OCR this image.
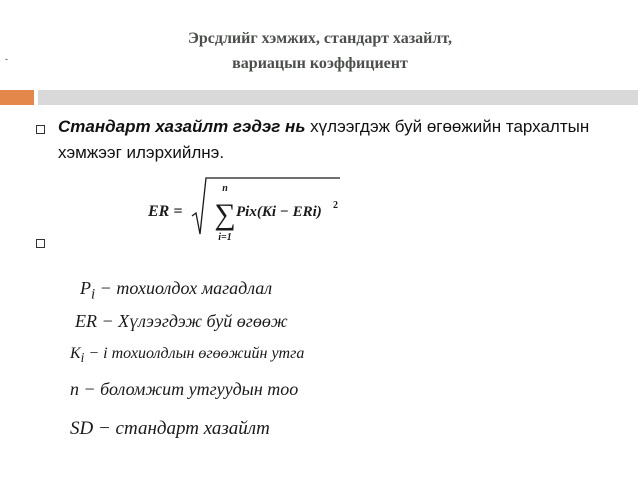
Эрсдлийг хэмжих, стандарт хазайлт,
вариацын коэффициент
-
Стандарт хазайлт гэдэг нь хүлээгдэж буй өгөөжийн тархалтын хэмжээг илэрхийлнэ.
ER =
n
∑
i=1
Pix(Ki − ERi) 2
$P_i$ − тохиолдох магадлал
ER − Хүлээгдэж буй өгөөж
$K_i - i$ тохиолдлын өгөөжийн утга
n − боломжит утгуудын тоо
SD − стандарт хазайлт
